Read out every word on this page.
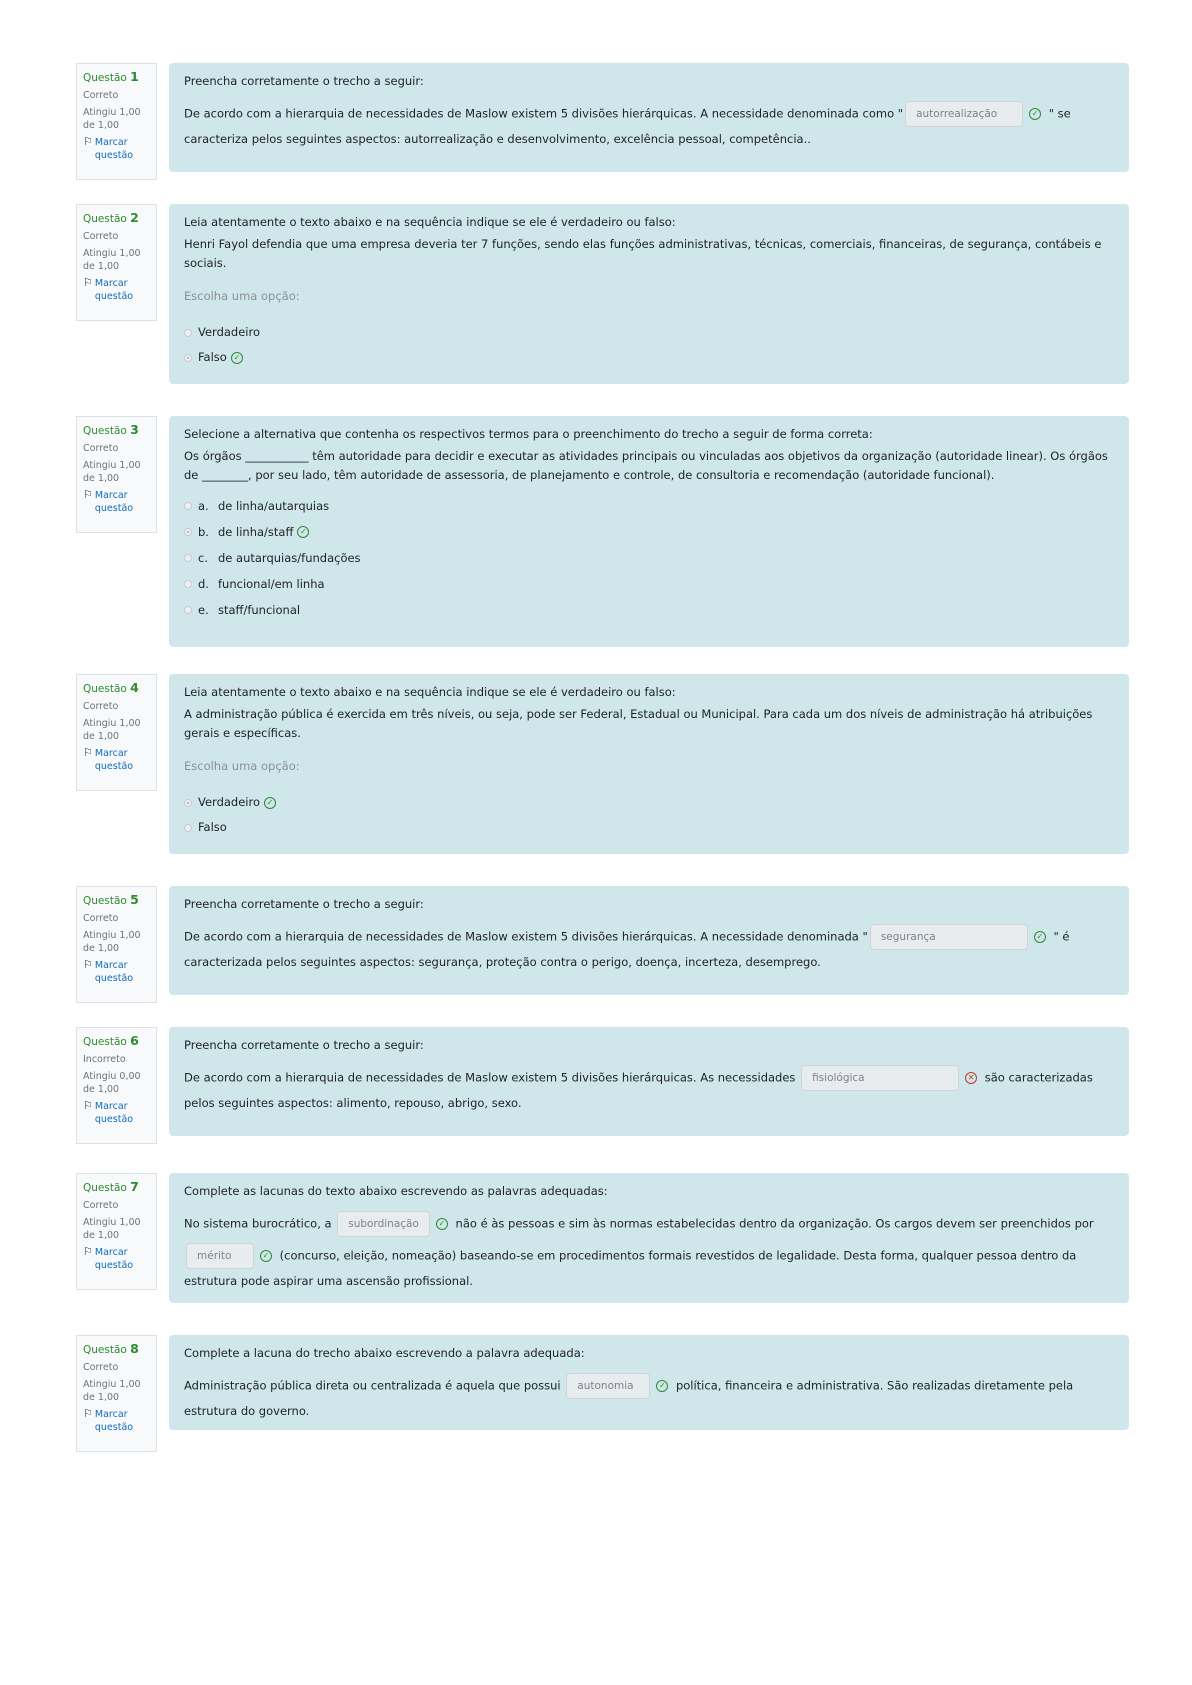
Questão 1
Correto
Atingiu 1,00 de 1,00
⚐ Marcar questão

Preencha corretamente o trecho a seguir:

De acordo com a hierarquia de necessidades de Maslow existem 5 divisões hierárquicas. A necessidade denominada como " autorrealização	✓ " se caracteriza pelos seguintes aspectos: autorrealização e desenvolvimento, excelência pessoal, competência..

Questão 2
Correto
Atingiu 1,00 de 1,00
⚐ Marcar questão

Leia atentamente o texto abaixo e na sequência indique se ele é verdadeiro ou falso:

Henri Fayol defendia que uma empresa deveria ter 7 funções, sendo elas funções administrativas, técnicas, comerciais, financeiras, de segurança, contábeis e sociais.

Escolha uma opção:

Verdadeiro
Falso ✓
Questão 3
Correto
Atingiu 1,00 de 1,00
⚐ Marcar questão

Selecione a alternativa que contenha os respectivos termos para o preenchimento do trecho a seguir de forma correta:

Os órgãos ___________ têm autoridade para decidir e executar as atividades principais ou vinculadas aos objetivos da organização (autoridade linear). Os órgãos de ________, por seu lado, têm autoridade de assessoria, de planejamento e controle, de consultoria e recomendação (autoridade funcional).

a. de linha/autarquias
b. de linha/staff ✓
c. de autarquias/fundações
d. funcional/em linha
e. staff/funcional
Questão 4
Correto
Atingiu 1,00 de 1,00
⚐ Marcar questão

Leia atentamente o texto abaixo e na sequência indique se ele é verdadeiro ou falso:

A administração pública é exercida em três níveis, ou seja, pode ser Federal, Estadual ou Municipal. Para cada um dos níveis de administração há atribuições gerais e específicas.

Escolha uma opção:

Verdadeiro ✓
Falso
Questão 5
Correto
Atingiu 1,00 de 1,00
⚐ Marcar questão

Preencha corretamente o trecho a seguir:

De acordo com a hierarquia de necessidades de Maslow existem 5 divisões hierárquicas. A necessidade denominada " segurança	✓ " é caracterizada pelos seguintes aspectos: segurança, proteção contra o perigo, doença, incerteza, desemprego.

Questão 6
Incorreto
Atingiu 0,00 de 1,00
⚐ Marcar questão

Preencha corretamente o trecho a seguir:

De acordo com a hierarquia de necessidades de Maslow existem 5 divisões hierárquicas. As necessidades fisiológica	✕ são caracterizadas pelos seguintes aspectos: alimento, repouso, abrigo, sexo.

Questão 7
Correto
Atingiu 1,00 de 1,00
⚐ Marcar questão

Complete as lacunas do texto abaixo escrevendo as palavras adequadas:

No sistema burocrático, a subordinação ✓ não é às pessoas e sim às normas estabelecidas dentro da organização. Os cargos devem ser preenchidos por mérito	✓ (concurso, eleição, nomeação) baseando-se em procedimentos formais revestidos de legalidade. Desta forma, qualquer pessoa dentro da estrutura pode aspirar uma ascensão profissional.

Questão 8
Correto
Atingiu 1,00 de 1,00
⚐ Marcar questão

Complete a lacuna do trecho abaixo escrevendo a palavra adequada:

Administração pública direta ou centralizada é aquela que possui autonomia	✓ política, financeira e administrativa. São realizadas diretamente pela estrutura do governo.
